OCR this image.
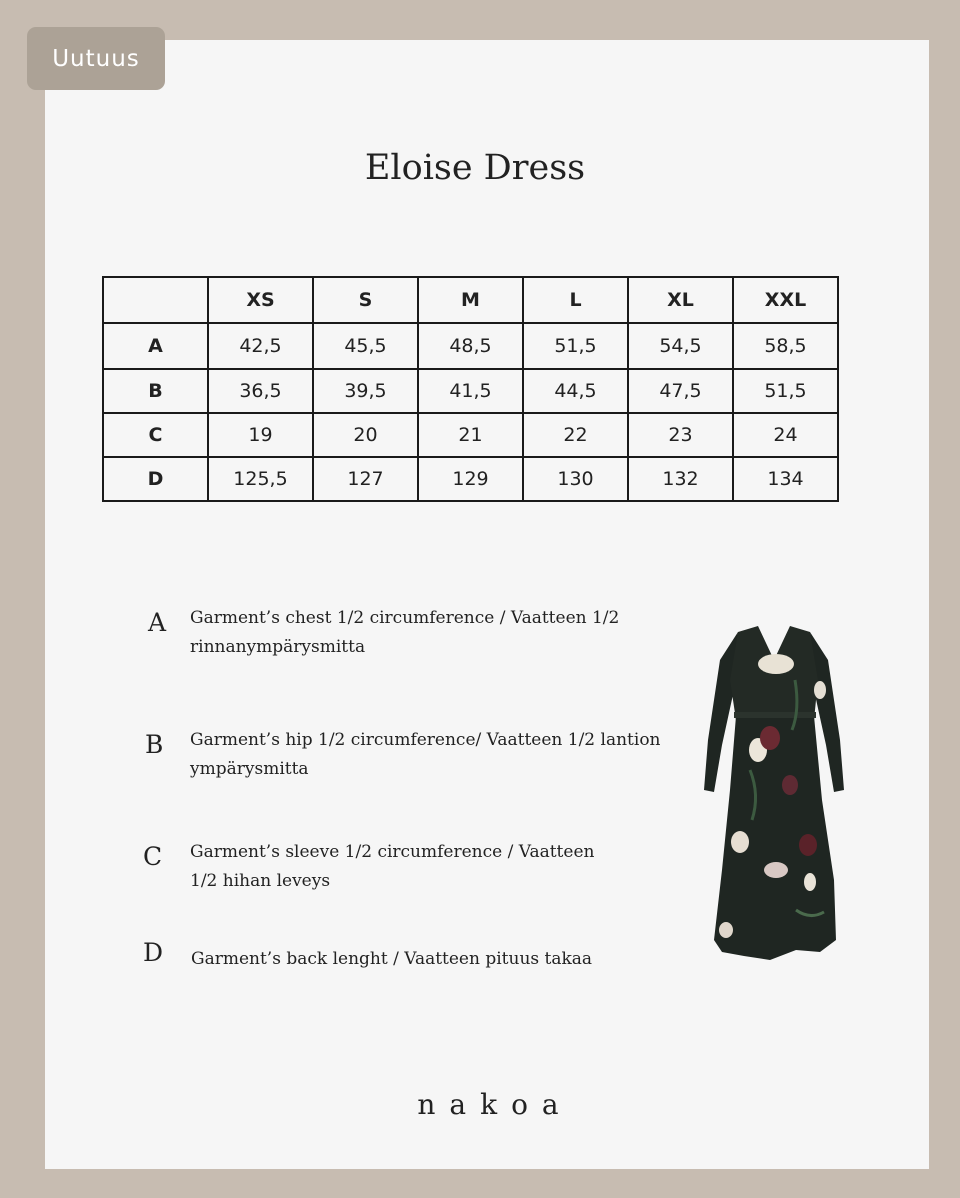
Uutuus
Eloise Dress
	XS	S	M	L	XL	XXL
A	42,5	45,5	48,5	51,5	54,5	58,5
B	36,5	39,5	41,5	44,5	47,5	51,5
C	19	20	21	22	23	24
D	125,5	127	129	130	132	134
A Garment’s chest 1/2 circumference / Vaatteen 1/2
rinnanympärysmitta
B Garment’s hip 1/2 circumference/ Vaatteen 1/2 lantion
ympärysmitta
C Garment’s sleeve 1/2 circumference / Vaatteen
1/2 hihan leveys
D Garment’s back lenght / Vaatteen pituus takaa
nakoa
